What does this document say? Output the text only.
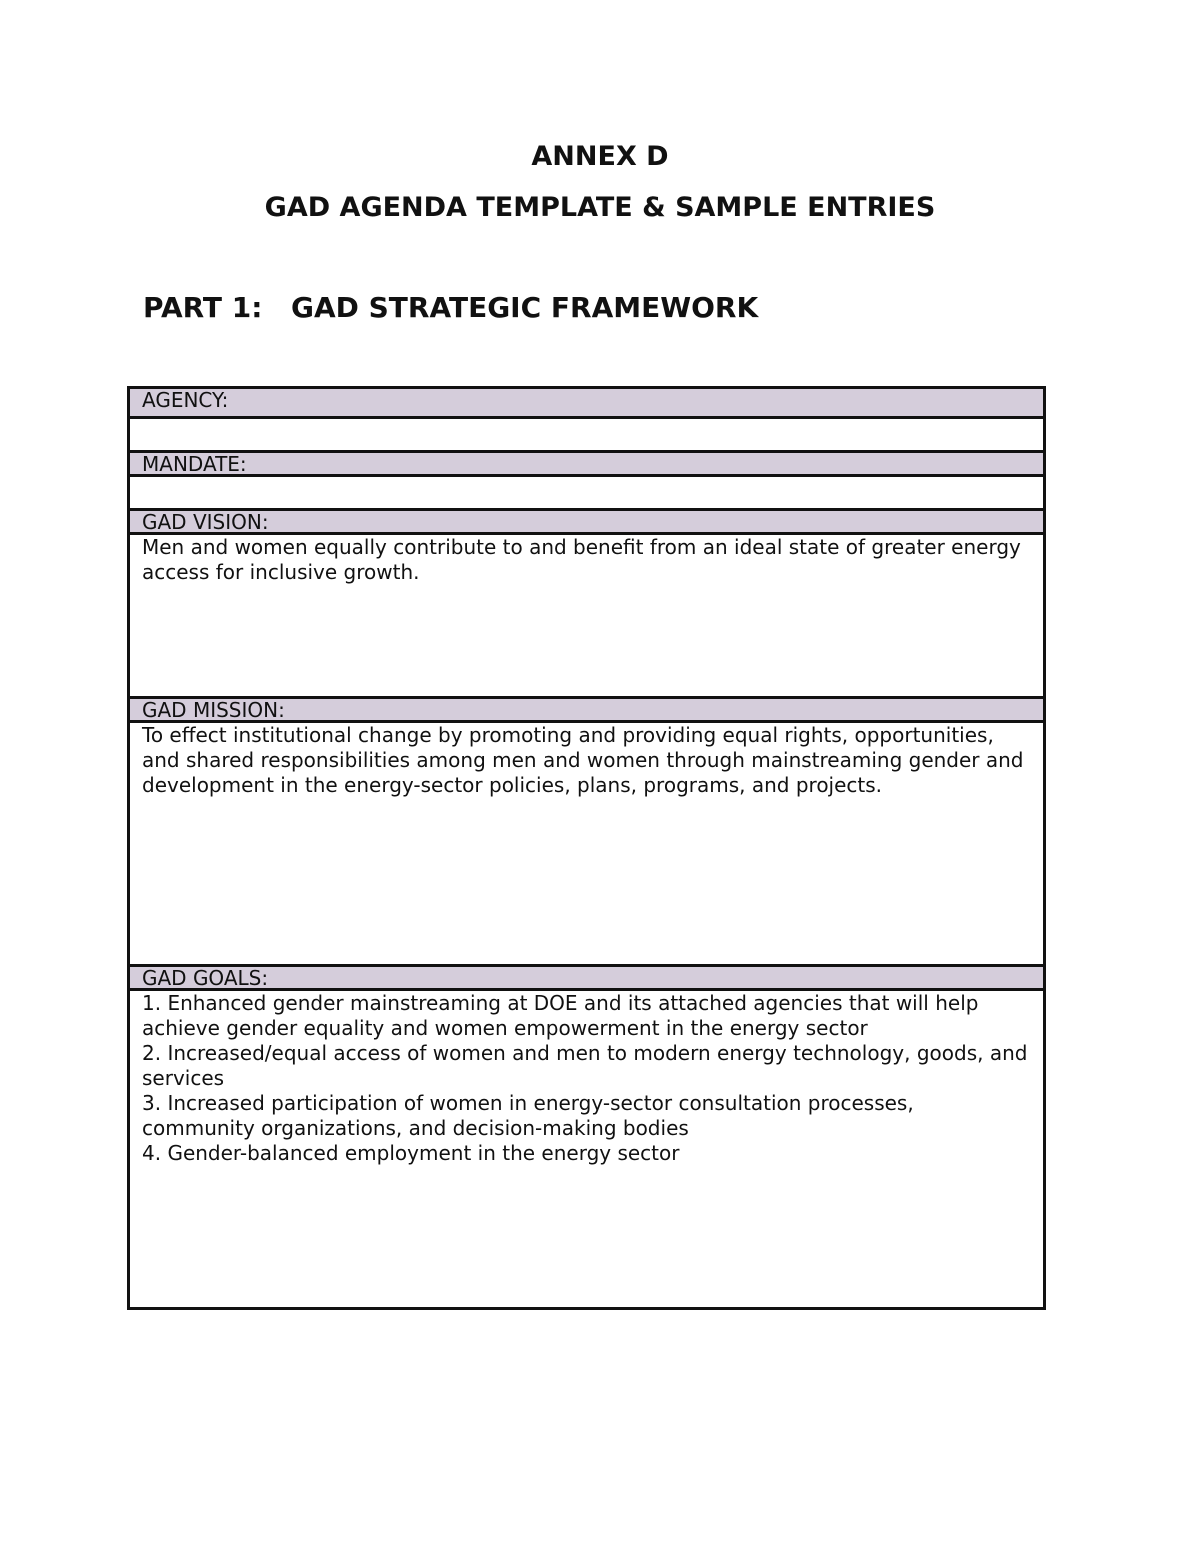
ANNEX D
GAD AGENDA TEMPLATE & SAMPLE ENTRIES
PART 1: GAD STRATEGIC FRAMEWORK
AGENCY:
MANDATE:
GAD VISION:

Men and women equally contribute to and benefit from an ideal state of greater energy access for inclusive growth.

GAD MISSION:

To effect institutional change by promoting and providing equal rights, opportunities, and shared responsibilities among men and women through mainstreaming gender and development in the energy-sector policies, plans, programs, and projects.

GAD GOALS:

1. Enhanced gender mainstreaming at DOE and its attached agencies that will help achieve gender equality and women empowerment in the energy sector

2. Increased/equal access of women and men to modern energy technology, goods, and services

3. Increased participation of women in energy-sector consultation processes, community organizations, and decision-making bodies

4. Gender-balanced employment in the energy sector
